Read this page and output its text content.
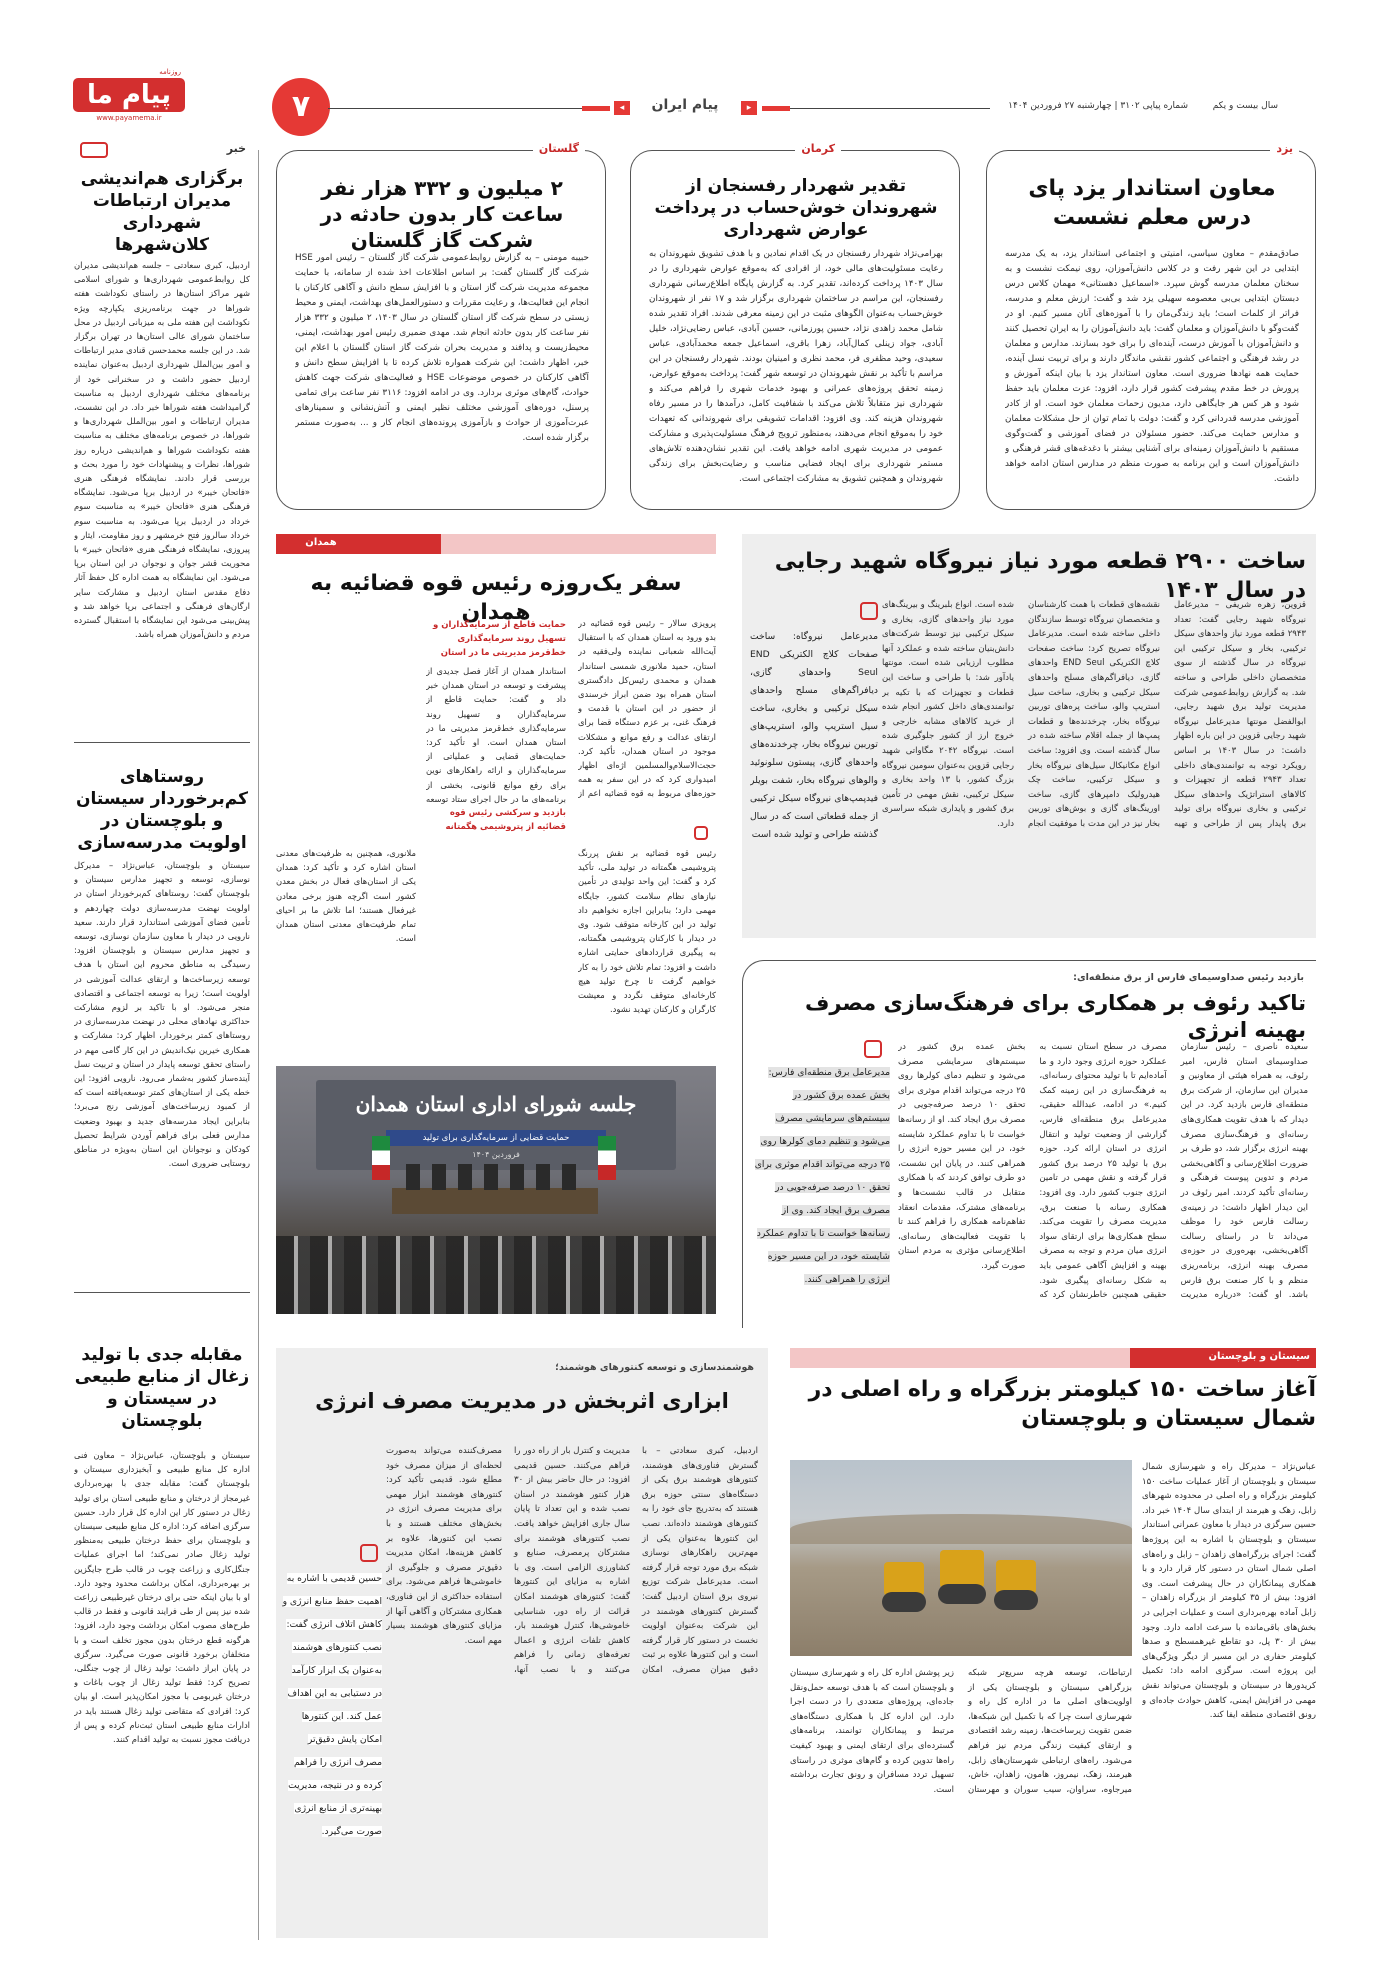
روزنامه
پیام ما
www.payamema.ir	۷	◂	پیام ایران	▸	سال بیست و یکم
شماره پیاپی ۳۱۰۲ | چهارشنبه ۲۷ فروردین ۱۴۰۴
یزد
معاون استاندار یزد پای درس معلم نشست
صادق‌مقدم – معاون سیاسی، امنیتی و اجتماعی استاندار یزد، به یک مدرسه ابتدایی در این شهر رفت و در کلاس دانش‌آموزان، روی نیمکت نشست و به سخنان معلمان مدرسه گوش سپرد. «اسماعیل دهستانی» مهمان کلاس درس دبستان ابتدایی بی‌بی معصومه سهیلی یزد شد و گفت: ارزش معلم و مدرسه، فراتر از کلمات است؛ باید زندگی‌مان را با آموزه‌های آنان مسیر کنیم. او در گفت‌وگو با دانش‌آموزان و معلمان گفت: باید دانش‌آموزان را به ایران تحصیل کنند و دانش‌آموزان با آموزش درست، آینده‌ای را برای خود بسازند. مدارس و معلمان در رشد فرهنگی و اجتماعی کشور نقشی ماندگار دارند و برای تربیت نسل آینده، حمایت همه نهادها ضروری است. معاون استاندار یزد با بیان اینکه آموزش و پرورش در خط مقدم پیشرفت کشور قرار دارد، افزود: عزت معلمان باید حفظ شود و هر کس هر جایگاهی دارد، مدیون زحمات معلمان خود است. او از کادر آموزشی مدرسه قدردانی کرد و گفت: دولت با تمام توان از حل مشکلات معلمان و مدارس حمایت می‌کند. حضور مسئولان در فضای آموزشی و گفت‌وگوی مستقیم با دانش‌آموزان زمینه‌ای برای آشنایی بیشتر با دغدغه‌های قشر فرهنگی و دانش‌آموزان است و این برنامه به صورت منظم در مدارس استان ادامه خواهد داشت.
کرمان
تقدیر شهردار رفسنجان از شهروندان خوش‌حساب در پرداخت عوارض شهرداری
بهرامی‌نژاد شهردار رفسنجان در یک اقدام نمادین و با هدف تشویق شهروندان به رعایت مسئولیت‌های مالی خود، از افرادی که به‌موقع عوارض شهرداری را در سال ۱۴۰۳ پرداخت کرده‌اند، تقدیر کرد. به گزارش پایگاه اطلاع‌رسانی شهرداری رفسنجان، این مراسم در ساختمان شهرداری برگزار شد و ۱۷ نفر از شهروندان خوش‌حساب به‌عنوان الگوهای مثبت در این زمینه معرفی شدند. افراد تقدیر شده شامل محمد زاهدی نژاد، حسین پورزمانی، حسین آبادی، عباس رضایی‌نژاد، خلیل آبادی، جواد زینلی کمال‌آباد، زهرا باقری، اسماعیل جمعه محمدآبادی، عباس سعیدی، وحید مظفری فر، محمد نظری و امینیان بودند. شهردار رفسنجان در این مراسم با تأکید بر نقش شهروندان در توسعه شهر گفت: پرداخت به‌موقع عوارض، زمینه تحقق پروژه‌های عمرانی و بهبود خدمات شهری را فراهم می‌کند و شهرداری نیز متقابلاً تلاش می‌کند با شفافیت کامل، درآمدها را در مسیر رفاه شهروندان هزینه کند. وی افزود: اقدامات تشویقی برای شهروندانی که تعهدات خود را به‌موقع انجام می‌دهند، به‌منظور ترویج فرهنگ مسئولیت‌پذیری و مشارکت عمومی در مدیریت شهری ادامه خواهد یافت. این تقدیر نشان‌دهنده تلاش‌های مستمر شهرداری برای ایجاد فضایی مناسب و رضایت‌بخش برای زندگی شهروندان و همچنین تشویق به مشارکت اجتماعی است.
گلستان
۲ میلیون و ۳۳۲ هزار نفر ساعت کار بدون حادثه در شرکت گاز گلستان
حبیبه مومنی – به گزارش روابط‌عمومی شرکت گاز گلستان – رئیس امور HSE شرکت گاز گلستان گفت: بر اساس اطلاعات اخذ شده از سامانه، با حمایت مجموعه مدیریت شرکت گاز استان و با افزایش سطح دانش و آگاهی کارکنان با انجام این فعالیت‌ها، و رعایت مقررات و دستورالعمل‌های بهداشت، ایمنی و محیط زیستی در سطح شرکت گاز استان گلستان در سال ۱۴۰۳، ۲ میلیون و ۳۳۲ هزار نفر ساعت کار بدون حادثه انجام شد. مهدی ضمیری رئیس امور بهداشت، ایمنی، محیط‌زیست و پدافند و مدیریت بحران شرکت گاز استان گلستان با اعلام این خبر، اظهار داشت: این شرکت همواره تلاش کرده تا با افزایش سطح دانش و آگاهی کارکنان در خصوص موضوعات HSE و فعالیت‌های شرکت جهت کاهش حوادث، گام‌های موثری بردارد. وی در ادامه افزود: ۳۱۱۶ نفر ساعت برای تمامی پرسنل، دوره‌های آموزشی مختلف نظیر ایمنی و آتش‌نشانی و سمینارهای عبرت‌آموزی از حوادث و بازآموزی پرونده‌های انجام کار و ... به‌صورت مستمر برگزار شده است.
خبر
برگزاری هم‌اندیشی مدیران ارتباطات شهرداری کلان‌شهرها
اردبیل، کبری سعادتی – جلسه هم‌اندیشی مدیران کل روابط‌عمومی شهرداری‌ها و شورای اسلامی شهر مراکز استان‌ها در راستای نکوداشت هفته شوراها در جهت برنامه‌ریزی یکپارچه ویژه نکوداشت این هفته ملی به میزبانی اردبیل در محل ساختمان شورای عالی استان‌ها در تهران برگزار شد. در این جلسه محمدحسن قنادی مدیر ارتباطات و امور بین‌الملل شهرداری اردبیل به‌عنوان نماینده اردبیل حضور داشت و در سخنرانی خود از برنامه‌های مختلف شهرداری اردبیل به مناسبت گرامیداشت هفته شوراها خبر داد. در این نشست، مدیران ارتباطات و امور بین‌الملل شهرداری‌ها و شوراها، در خصوص برنامه‌های مختلف به مناسبت هفته نکوداشت شوراها و هم‌اندیشی درباره روز شوراها، نظرات و پیشنهادات خود را مورد بحث و بررسی قرار دادند. نمایشگاه فرهنگی هنری «فاتحان خیبر» در اردبیل برپا می‌شود. نمایشگاه فرهنگی هنری «فاتحان خیبر» به مناسبت سوم خرداد در اردبیل برپا می‌شود. به مناسبت سوم خرداد سالروز فتح خرمشهر و روز مقاومت، ایثار و پیروزی، نمایشگاه فرهنگی هنری «فاتحان خیبر» با محوریت قشر جوان و نوجوان در این استان برپا می‌شود. این نمایشگاه به همت اداره کل حفظ آثار دفاع مقدس استان اردبیل و مشارکت سایر ارگان‌های فرهنگی و اجتماعی برپا خواهد شد و پیش‌بینی می‌شود این نمایشگاه با استقبال گسترده مردم و دانش‌آموزان همراه باشد.
روستاهای کم‌برخوردار سیستان و بلوچستان در اولویت مدرسه‌سازی
سیستان و بلوچستان، عباس‌نژاد – مدیرکل نوسازی، توسعه و تجهیز مدارس سیستان و بلوچستان گفت: روستاهای کم‌برخوردار استان در اولویت نهضت مدرسه‌سازی دولت چهاردهم و تأمین فضای آموزشی استاندارد قرار دارند. سعید نارویی در دیدار با معاون سازمان نوسازی، توسعه و تجهیز مدارس سیستان و بلوچستان افزود: رسیدگی به مناطق محروم این استان با هدف توسعه زیرساخت‌ها و ارتقای عدالت آموزشی در اولویت است؛ زیرا به توسعه اجتماعی و اقتصادی منجر می‌شود. او با تاکید بر لزوم مشارکت حداکثری نهادهای محلی در نهضت مدرسه‌سازی در روستاهای کمتر برخوردار، اظهار کرد: مشارکت و همکاری خیرین نیک‌اندیش در این کار گامی مهم در راستای تحقق توسعه پایدار در استان و تربیت نسل آینده‌ساز کشور به‌شمار می‌رود. نارویی افزود: این خطه یکی از استان‌های کمتر توسعه‌یافته است که از کمبود زیرساخت‌های آموزشی رنج می‌برد؛ بنابراین ایجاد مدرسه‌های جدید و بهبود وضعیت مدارس فعلی برای فراهم آوردن شرایط تحصیل کودکان و نوجوانان این استان به‌ویژه در مناطق روستایی ضروری است.
مقابله جدی با تولید زغال از منابع طبیعی در سیستان و بلوچستان
سیستان و بلوچستان، عباس‌نژاد – معاون فنی اداره کل منابع طبیعی و آبخیزداری سیستان و بلوچستان گفت: مقابله جدی با بهره‌برداری غیرمجاز از درختان و منابع طبیعی استان برای تولید زغال در دستور کار این اداره کل قرار دارد. حسین سرگزی اضافه کرد: اداره کل منابع طبیعی سیستان و بلوچستان برای حفظ درختان طبیعی به‌منظور تولید زغال صادر نمی‌کند؛ اما اجرای عملیات جنگل‌کاری و زراعت چوب در قالب طرح جایگزین بر بهره‌برداری، امکان برداشت محدود وجود دارد. او با بیان اینکه حتی برای درختان غیرطبیعی زراعت شده نیز پس از طی فرایند قانونی و فقط در قالب طرح‌های مصوب امکان برداشت وجود دارد، افزود: هرگونه قطع درختان بدون مجوز تخلف است و با متخلفان برخورد قانونی صورت می‌گیرد. سرگزی در پایان ابراز داشت: تولید زغال از چوب جنگلی، تصریح کرد: فقط تولید زغال از چوب باغات و درختان غیربومی با مجوز امکان‌پذیر است. او بیان کرد: افرادی که متقاضی تولید زغال هستند باید در ادارات منابع طبیعی استان ثبت‌نام کرده و پس از دریافت مجوز نسبت به تولید اقدام کنند.
ساخت ۲۹۰۰ قطعه مورد نیاز نیروگاه شهید رجایی در سال ۱۴۰۳
قزوین، زهره شریفی – مدیرعامل نیروگاه شهید رجایی گفت: تعداد ۲۹۴۳ قطعه مورد نیاز واحدهای سیکل ترکیبی، بخار و سیکل ترکیبی این نیروگاه در سال گذشته از سوی متخصصان داخلی طراحی و ساخته شد. به گزارش روابط‌عمومی شرکت مدیریت تولید برق شهید رجایی، ابوالفضل مونتها مدیرعامل نیروگاه شهید رجایی قزوین در این باره اظهار داشت: در سال ۱۴۰۳ بر اساس رویکرد توجه به توانمندی‌های داخلی تعداد ۲۹۴۳ قطعه از تجهیزات و کالاهای استراتژیک واحدهای سیکل ترکیبی و بخاری نیروگاه برای تولید برق پایدار پس از طراحی و تهیه نقشه‌های قطعات با همت کارشناسان و متخصصان نیروگاه توسط سازندگان داخلی ساخته شده است. مدیرعامل نیروگاه تصریح کرد: ساخت صفحات کلاچ الکتریکی END Seul واحدهای گازی، دیافراگم‌های مسلح واحدهای سیکل ترکیبی و بخاری، ساخت سیل استریپ والو، ساخت پره‌های توربین نیروگاه بخار، چرخدنده‌ها و قطعات پمپ‌ها از جمله اقلام ساخته شده در سال گذشته است. وی افزود: ساخت انواع مکانیکال سیل‌های نیروگاه بخار و سیکل ترکیبی، ساخت چک هیدرولیک دامپرهای گازی، ساخت اورینگ‌های گازی و بوش‌های توربین بخار نیز در این مدت با موفقیت انجام شده است. انواع بلبرینگ و بیرینگ‌های مورد نیاز واحدهای گازی، بخاری و سیکل ترکیبی نیز توسط شرکت‌های دانش‌بنیان ساخته شده و عملکرد آنها مطلوب ارزیابی شده است. مونتها یادآور شد: با طراحی و ساخت این قطعات و تجهیزات که با تکیه بر توانمندی‌های داخل کشور انجام شده از خرید کالاهای مشابه خارجی و خروج ارز از کشور جلوگیری شده است. نیروگاه ۲۰۴۲ مگاواتی شهید رجایی قزوین به‌عنوان سومین نیروگاه بزرگ کشور، با ۱۳ واحد بخاری و سیکل ترکیبی، نقش مهمی در تأمین برق کشور و پایداری شبکه سراسری دارد.
مدیرعامل نیروگاه: ساخت صفحات کلاچ الکتریکی END Seul واحدهای گازی، دیافراگم‌های مسلح واحدهای سیکل ترکیبی و بخاری، ساخت سیل استریپ والو، استریپ‌های توربین نیروگاه بخار، چرخدنده‌های واحدهای گازی، پیستون سلونوئید والوهای نیروگاه بخار، شفت بویلر فیدپمپ‌های نیروگاه سیکل ترکیبی از جمله قطعاتی است که در سال گذشته طراحی و تولید شده است
همدان
سفر یک‌روزه رئیس قوه قضائیه به همدان	پرویزی سالار – رئیس قوه قضائیه در بدو ورود به استان همدان که با استقبال آیت‌الله شعبانی نماینده ولی‌فقیه در استان، حمید ملانوری شمسی استاندار همدان و محمدی رئیس‌کل دادگستری استان همراه بود ضمن ابراز خرسندی از حضور در این استان با قدمت و فرهنگ غنی، بر عزم دستگاه قضا برای ارتقای عدالت و رفع موانع و مشکلات موجود در استان همدان، تأکید کرد. حجت‌الاسلام‌والمسلمین اژه‌ای اظهار امیدواری کرد که در این سفر به همه حوزه‌های مربوط به قوه قضائیه اعم از
رئیس قوه قضائیه بر نقش پررنگ پتروشیمی هگمتانه در تولید ملی، تأکید کرد و گفت: این واحد تولیدی در تأمین نیازهای نظام سلامت کشور، جایگاه مهمی دارد؛ بنابراین اجازه نخواهیم داد تولید در این کارخانه متوقف شود. وی در دیدار با کارکنان پتروشیمی هگمتانه، به پیگیری قراردادهای حمایتی اشاره داشت و افزود: تمام تلاش خود را به کار خواهیم گرفت تا چرخ تولید هیچ کارخانه‌ای متوقف نگردد و معیشت کارگران و کارکنان تهدید نشود.
بازدید و سرکشی رئیس قوه قضائیه از پتروشیمی هگمتانه
حمایت قاطع از سرمایه‌گذاران و تسهیل روند سرمایه‌گذاری خط‌قرمز مدیریتی ما در استان
استاندار همدان از آغاز فصل جدیدی از پیشرفت و توسعه در استان همدان خبر داد و گفت: حمایت قاطع از سرمایه‌گذاران و تسهیل روند سرمایه‌گذاری خط‌قرمز مدیریتی ما در استان همدان است. او تأکید کرد: حمایت‌های قضایی و عملیاتی از سرمایه‌گذاران و ارائه راهکارهای نوین برای رفع موانع قانونی، بخشی از برنامه‌های ما در حال اجرای ستاد توسعه
ملانوری، همچنین به ظرفیت‌های معدنی استان اشاره کرد و تأکید کرد: همدان یکی از استان‌های فعال در بخش معدن کشور است اگرچه هنوز برخی معادن غیرفعال هستند؛ اما تلاش ما بر احیای تمام ظرفیت‌های معدنی استان همدان است.
جلسه شورای اداری استان همدان
حمایت قضایی از سرمایه‌گذاری برای تولید
فروردین ۱۴۰۴
بازدید رئیس صداوسیمای فارس از برق منطقه‌ای:
تاکید رئوف بر همکاری برای فرهنگ‌سازی مصرف بهینه انرژی
سعیده ناصری – رئیس سازمان صداوسیمای استان فارس، امیر رئوف، به همراه هیئتی از معاونین و مدیران این سازمان، از شرکت برق منطقه‌ای فارس بازدید کرد. در این دیدار که با هدف تقویت همکاری‌های رسانه‌ای و فرهنگ‌سازی مصرف بهینه انرژی برگزار شد، دو طرف بر ضرورت اطلاع‌رسانی و آگاهی‌بخشی مردم و تدوین پیوست فرهنگی و رسانه‌ای تأکید کردند. امیر رئوف در این دیدار اظهار داشت: در زمینه‌ی رسالت فارس خود را موظف می‌داند تا در راستای رسالت آگاهی‌بخشی، بهره‌وری در حوزه‌ی مصرف بهینه انرژی، برنامه‌ریزی منظم و با کار صنعت برق فارس باشد. او گفت: «درباره مدیریت مصرف در سطح استان نسبت به عملکرد حوزه انرژی وجود دارد و ما آماده‌ایم تا با تولید محتوای رسانه‌ای، به فرهنگ‌سازی در این زمینه کمک کنیم.» در ادامه، عبدالله حقیقی، مدیرعامل برق منطقه‌ای فارس، گزارشی از وضعیت تولید و انتقال انرژی در استان ارائه کرد. حوزه برق با تولید ۲۵ درصد برق کشور قرار گرفته و نقش مهمی در تامین انرژی جنوب کشور دارد. وی افزود: همکاری رسانه با صنعت برق، مدیریت مصرف را تقویت می‌کند. سطح همکاری‌ها برای ارتقای سواد انرژی میان مردم و توجه به مصرف بهینه و افزایش آگاهی عمومی باید به شکل رسانه‌ای پیگیری شود. حقیقی همچنین خاطرنشان کرد که بخش عمده برق کشور در سیستم‌های سرمایشی مصرف می‌شود و تنظیم دمای کولرها روی ۲۵ درجه می‌تواند اقدام موثری برای تحقق ۱۰ درصد صرفه‌جویی در مصرف برق ایجاد کند. او از رسانه‌ها خواست تا با تداوم عملکرد شایسته خود، در این مسیر حوزه انرژی را همراهی کنند. در پایان این نشست، دو طرف توافق کردند که با همکاری متقابل در قالب نشست‌ها و برنامه‌های مشترک، مقدمات انعقاد تفاهم‌نامه همکاری را فراهم کنند تا با تقویت فعالیت‌های رسانه‌ای، اطلاع‌رسانی مؤثری به مردم استان صورت گیرد.
مدیرعامل برق منطقه‌ای فارس: بخش عمده برق کشور در سیستم‌های سرمایشی مصرف می‌شود و تنظیم دمای کولرها روی ۲۵ درجه می‌تواند اقدام موثری برای تحقق ۱۰ درصد صرفه‌جویی در مصرف برق ایجاد کند. وی از رسانه‌ها خواست تا با تداوم عملکرد شایسته خود، در این مسیر حوزه انرژی را همراهی کنند.
سیستان و بلوچستان
آغاز ساخت ۱۵۰ کیلومتر بزرگراه و راه اصلی در شمال سیستان و بلوچستان
عباس‌نژاد – مدیرکل راه و شهرسازی شمال سیستان و بلوچستان از آغاز عملیات ساخت ۱۵۰ کیلومتر بزرگراه و راه اصلی در محدوده شهرهای زابل، زهک و هیرمند از ابتدای سال ۱۴۰۴ خبر داد. حسین سرگزی در دیدار با معاون عمرانی استاندار سیستان و بلوچستان با اشاره به این پروژه‌ها گفت: اجرای بزرگراه‌های زاهدان – زابل و راه‌های اصلی شمال استان در دستور کار قرار دارد و با همکاری پیمانکاران در حال پیشرفت است. وی افزود: بیش از ۳۵ کیلومتر از بزرگراه زاهدان – زابل آماده بهره‌برداری است و عملیات اجرایی در بخش‌های باقی‌مانده با سرعت ادامه دارد. وجود بیش از ۳۰ پل، دو تقاطع غیرهمسطح و صدها کیلومتر حفاری در این مسیر از دیگر ویژگی‌های این پروژه است. سرگزی ادامه داد: تکمیل کریدورها در سیستان و بلوچستان می‌تواند نقش مهمی در افزایش ایمنی، کاهش حوادث جاده‌ای و رونق اقتصادی منطقه ایفا کند.
ارتباطات، توسعه هرچه سریع‌تر شبکه بزرگراهی سیستان و بلوچستان یکی از اولویت‌های اصلی ما در اداره کل راه و شهرسازی است چرا که با تکمیل این شبکه‌ها، ضمن تقویت زیرساخت‌ها، زمینه رشد اقتصادی و ارتقای کیفیت زندگی مردم نیز فراهم می‌شود. راه‌های ارتباطی شهرستان‌های زابل، هیرمند، زهک، نیمروز، هامون، زاهدان، خاش، میرجاوه، سراوان، سیب سوران و مهرستان زیر پوشش اداره کل راه و شهرسازی سیستان و بلوچستان است که با هدف توسعه حمل‌ونقل جاده‌ای، پروژه‌های متعددی را در دست اجرا دارد. این اداره کل با همکاری دستگاه‌های مرتبط و پیمانکاران توانمند، برنامه‌های گسترده‌ای برای ارتقای ایمنی و بهبود کیفیت راه‌ها تدوین کرده و گام‌های موثری در راستای تسهیل تردد مسافران و رونق تجارت برداشته است.
هوشمندسازی و توسعه کنتورهای هوشمند؛
ابزاری اثربخش در مدیریت مصرف انرژی
اردبیل، کبری سعادتی – با گسترش فناوری‌های هوشمند، کنتورهای هوشمند برق یکی از دستگاه‌های سنتی حوزه برق هستند که به‌تدریج جای خود را به کنتورهای هوشمند داده‌اند. نصب این کنتورها به‌عنوان یکی از مهم‌ترین راهکارهای نوسازی شبکه برق مورد توجه قرار گرفته است. مدیرعامل شرکت توزیع نیروی برق استان اردبیل گفت: گسترش کنتورهای هوشمند در این شرکت به‌عنوان اولویت نخست در دستور کار قرار گرفته است و این کنتورها علاوه بر ثبت دقیق میزان مصرف، امکان مدیریت و کنترل بار از راه دور را فراهم می‌کنند. حسین قدیمی افزود: در حال حاضر بیش از ۳۰ هزار کنتور هوشمند در استان نصب شده و این تعداد تا پایان سال جاری افزایش خواهد یافت. نصب کنتورهای هوشمند برای مشترکان پرمصرف، صنایع و کشاورزی الزامی است. وی با اشاره به مزایای این کنتورها گفت: کنتورهای هوشمند امکان قرائت از راه دور، شناسایی خاموشی‌ها، کنترل هوشمند بار، کاهش تلفات انرژی و اعمال تعرفه‌های زمانی را فراهم می‌کنند و با نصب آنها، مصرف‌کننده می‌تواند به‌صورت لحظه‌ای از میزان مصرف خود مطلع شود. قدیمی تأکید کرد: کنتورهای هوشمند ابزار مهمی برای مدیریت مصرف انرژی در بخش‌های مختلف هستند و با نصب این کنتورها، علاوه بر کاهش هزینه‌ها، امکان مدیریت دقیق‌تر مصرف و جلوگیری از خاموشی‌ها فراهم می‌شود. برای استفاده حداکثری از این فناوری، همکاری مشترکان و آگاهی آنها از مزایای کنتورهای هوشمند بسیار مهم است.
حسین قدیمی با اشاره به اهمیت حفظ منابع انرژی و کاهش اتلاف انرژی گفت: نصب کنتورهای هوشمند به‌عنوان یک ابزار کارآمد در دستیابی به این اهداف عمل کند. این کنتورها امکان پایش دقیق‌تر مصرف انرژی را فراهم کرده و در نتیجه، مدیریت بهینه‌تری از منابع انرژی صورت می‌گیرد.
